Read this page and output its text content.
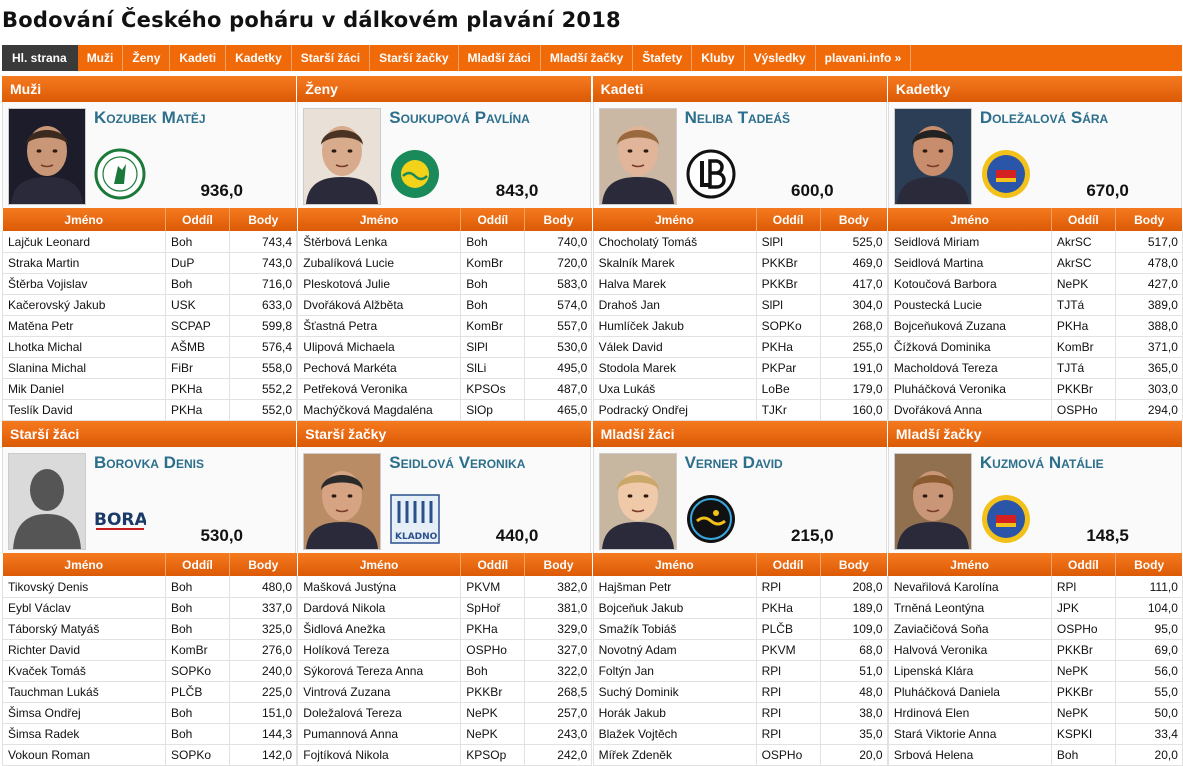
Bodování Českého poháru v dálkovém plavání 2018
Hl. strana	Muži	Ženy	Kadeti	Kadetky	Starší žáci	Starší žačky	Mladší žáci	Mladší žačky	Štafety	Kluby	Výsledky	plavani.info »
Muži
Kozubek Matěj
936,0
Jméno	Oddíl	Body
Lajčuk Leonard	Boh	743,4
Straka Martin	DuP	743,0
Štěrba Vojislav	Boh	716,0
Kačerovský Jakub	USK	633,0
Matěna Petr	SCPAP	599,8
Lhotka Michal	AŠMB	576,4
Slanina Michal	FiBr	558,0
Mik Daniel	PKHa	552,2
Teslík David	PKHa	552,0
Ženy
Soukupová Pavlína
843,0
Jméno	Oddíl	Body
Štěrbová Lenka	Boh	740,0
Zubalíková Lucie	KomBr	720,0
Pleskotová Julie	Boh	583,0
Dvořáková Alžběta	Boh	574,0
Šťastná Petra	KomBr	557,0
Ulipová Michaela	SlPl	530,0
Pechová Markéta	SlLi	495,0
Petřeková Veronika	KPSOs	487,0
Machýčková Magdaléna	SlOp	465,0
Kadeti
Neliba Tadeáš
600,0
Jméno	Oddíl	Body
Chocholatý Tomáš	SlPl	525,0
Skalník Marek	PKKBr	469,0
Halva Marek	PKKBr	417,0
Drahoš Jan	SlPl	304,0
Humlíček Jakub	SOPKo	268,0
Válek David	PKHa	255,0
Stodola Marek	PKPar	191,0
Uxa Lukáš	LoBe	179,0
Podracký Ondřej	TJKr	160,0
Kadetky
Doležalová Sára
670,0
Jméno	Oddíl	Body
Seidlová Miriam	AkrSC	517,0
Seidlová Martina	AkrSC	478,0
Kotoučová Barbora	NePK	427,0
Poustecká Lucie	TJTá	389,0
Bojceňuková Zuzana	PKHa	388,0
Čížková Dominika	KomBr	371,0
Macholdová Tereza	TJTá	365,0
Pluháčková Veronika	PKKBr	303,0
Dvořáková Anna	OSPHo	294,0
Starší žáci
Borovka Denis
BORA
530,0
Jméno	Oddíl	Body
Tikovský Denis	Boh	480,0
Eybl Václav	Boh	337,0
Táborský Matyáš	Boh	325,0
Richter David	KomBr	276,0
Kvaček Tomáš	SOPKo	240,0
Tauchman Lukáš	PLČB	225,0
Šimsa Ondřej	Boh	151,0
Šimsa Radek	Boh	144,3
Vokoun Roman	SOPKo	142,0
Starší žačky
Seidlová Veronika
KLADNO	440,0
Jméno	Oddíl	Body
Mašková Justýna	PKVM	382,0
Dardová Nikola	SpHoř	381,0
Šidlová Anežka	PKHa	329,0
Holíková Tereza	OSPHo	327,0
Sýkorová Tereza Anna	Boh	322,0
Vintrová Zuzana	PKKBr	268,5
Doležalová Tereza	NePK	257,0
Pumannová Anna	NePK	243,0
Fojtíková Nikola	KPSOp	242,0
Mladší žáci
Verner David
215,0
Jméno	Oddíl	Body
Hajšman Petr	RPl	208,0
Bojceňuk Jakub	PKHa	189,0
Smažík Tobiáš	PLČB	109,0
Novotný Adam	PKVM	68,0
Foltýn Jan	RPl	51,0
Suchý Dominik	RPl	48,0
Horák Jakub	RPl	38,0
Blažek Vojtěch	RPl	35,0
Mířek Zdeněk	OSPHo	20,0
Mladší žačky
Kuzmová Natálie
148,5
Jméno	Oddíl	Body
Nevařilová Karolína	RPl	111,0
Trněná Leontýna	JPK	104,0
Zaviačičová Soňa	OSPHo	95,0
Halvová Veronika	PKKBr	69,0
Lipenská Klára	NePK	56,0
Pluháčková Daniela	PKKBr	55,0
Hrdinová Elen	NePK	50,0
Stará Viktorie Anna	KSPKI	33,4
Srbová Helena	Boh	20,0
